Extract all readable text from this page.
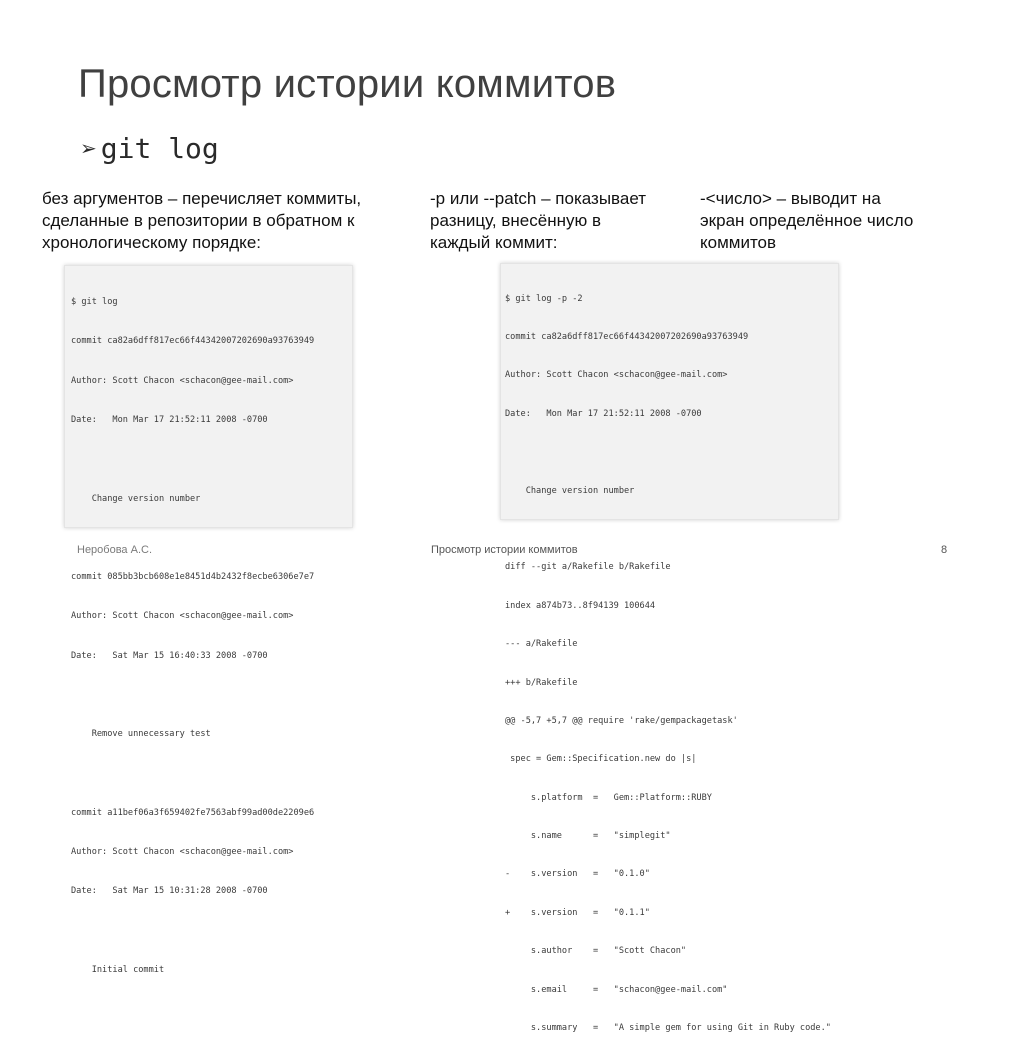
Просмотр истории коммитов
➢ git log
без аргументов – перечисляет коммиты,
сделанные в репозитории в обратном к
хронологическому порядке:
-p или --patch – показывает
разницу, внесённую в
каждый коммит:
-<число> – выводит на
экран определённое число
коммитов

$ git log

commit ca82a6dff817ec66f44342007202690a93763949

Author: Scott Chacon <schacon@gee-mail.com>

Date:   Mon Mar 17 21:52:11 2008 -0700

Change version number

commit 085bb3bcb608e1e8451d4b2432f8ecbe6306e7e7

Author: Scott Chacon <schacon@gee-mail.com>

Date:   Sat Mar 15 16:40:33 2008 -0700

Remove unnecessary test

commit a11bef06a3f659402fe7563abf99ad00de2209e6

Author: Scott Chacon <schacon@gee-mail.com>

Date:   Sat Mar 15 10:31:28 2008 -0700

Initial commit

$ git log -p -2

commit ca82a6dff817ec66f44342007202690a93763949

Author: Scott Chacon <schacon@gee-mail.com>

Date:   Mon Mar 17 21:52:11 2008 -0700

Change version number

diff --git a/Rakefile b/Rakefile

index a874b73..8f94139 100644

--- a/Rakefile

+++ b/Rakefile

@@ -5,7 +5,7 @@ require 'rake/gempackagetask'

spec = Gem::Specification.new do |s|

s.platform  =   Gem::Platform::RUBY

s.name      =   "simplegit"

-    s.version   =   "0.1.0"

+    s.version   =   "0.1.1"

s.author    =   "Scott Chacon"

s.email     =   "schacon@gee-mail.com"

s.summary   =   "A simple gem for using Git in Ruby code."

Неробова А.С.	Просмотр истории коммитов	8
